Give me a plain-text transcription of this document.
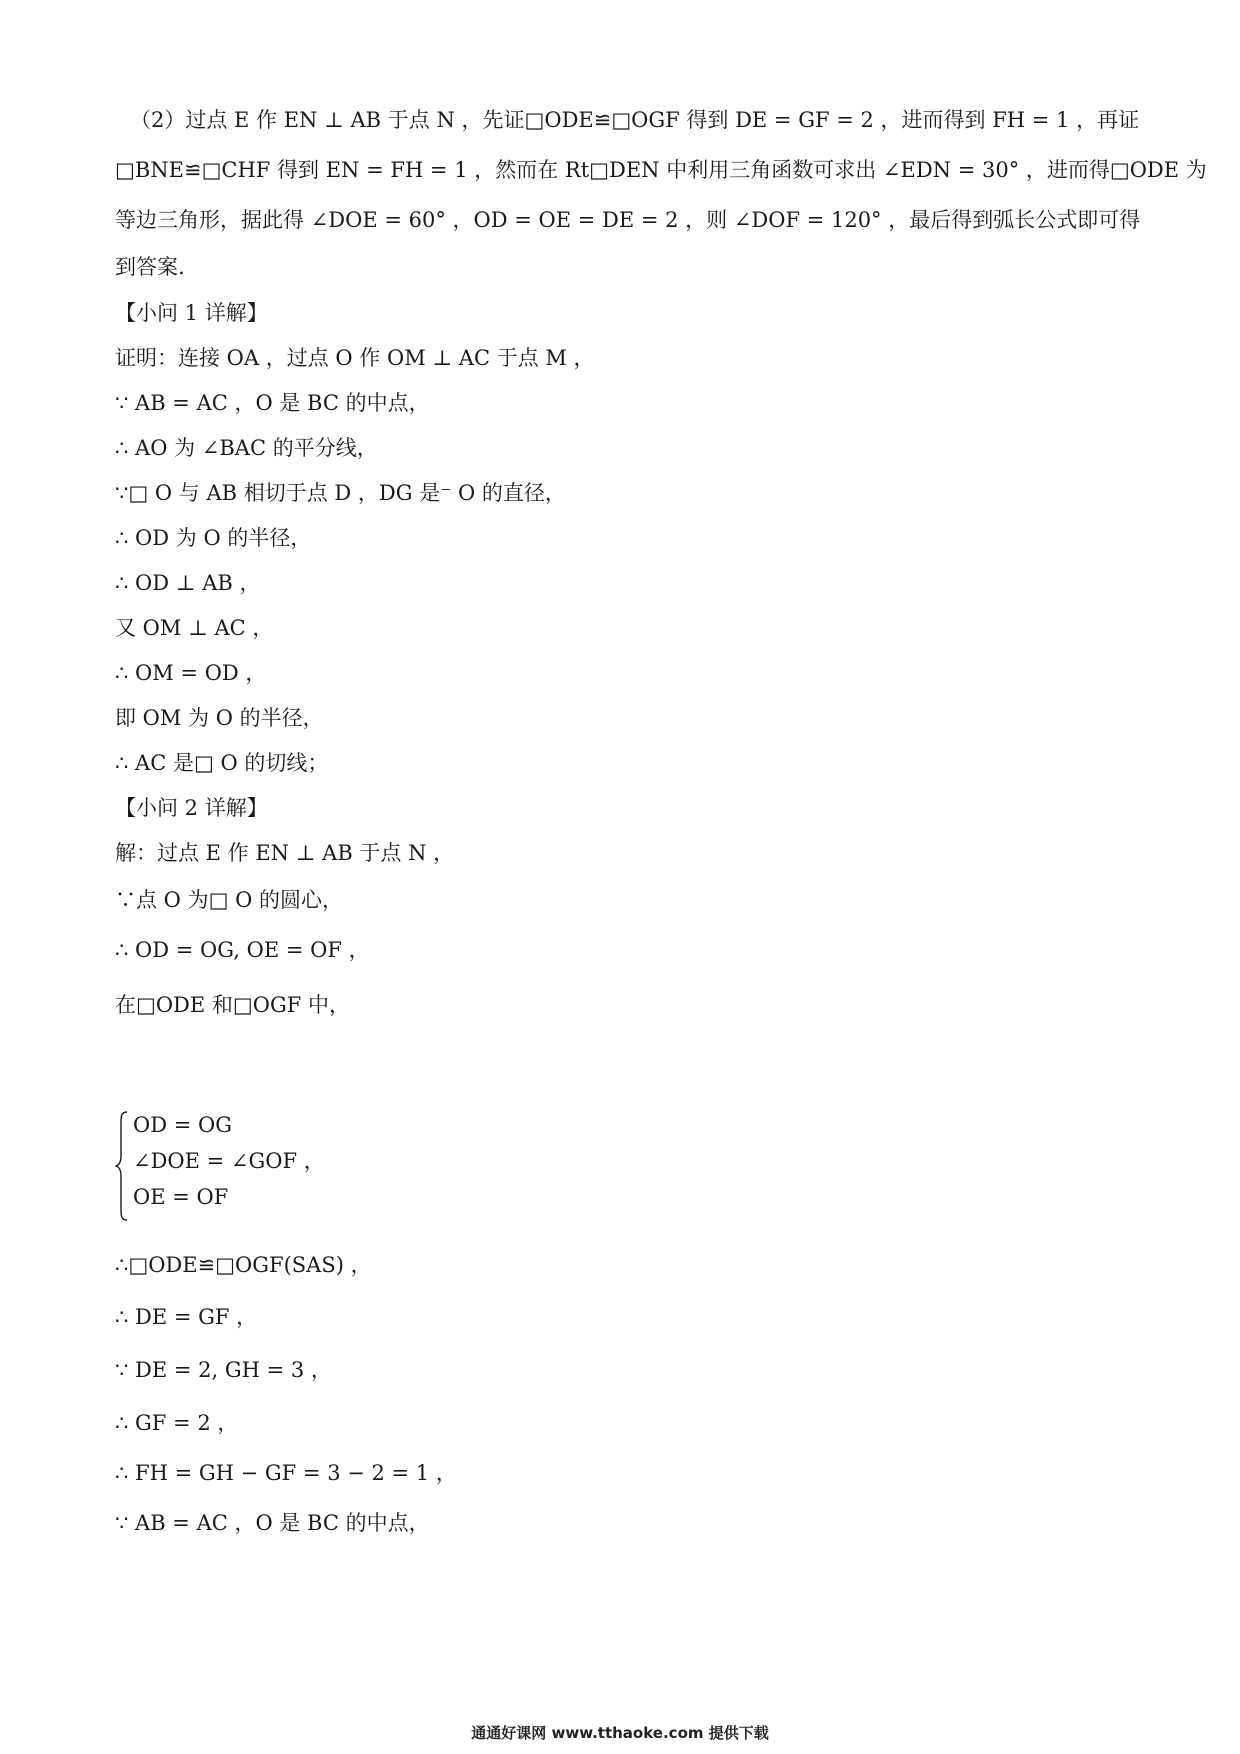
（2）过点 E 作 EN ⊥ AB 于点 N ，先证□ODE≌□OGF 得到 DE = GF = 2 ，进而得到 FH = 1 ，再证
□BNE≌□CHF 得到 EN = FH = 1 ，然而在 Rt□DEN 中利用三角函数可求出 ∠EDN = 30° ，进而得□ODE 为
等边三角形，据此得 ∠DOE = 60° ，OD = OE = DE = 2 ，则 ∠DOF = 120° ，最后得到弧长公式即可得
到答案.
【小问 1 详解】
证明：连接 OA ，过点 O 作 OM ⊥ AC 于点 M ，
∵ AB = AC ，O 是 BC 的中点，
∴ AO 为 ∠BAC 的平分线，
∵□ O 与 AB 相切于点 D ，DG 是⁻ O 的直径，
∴ OD 为 O 的半径，
∴ OD ⊥ AB ，
又 OM ⊥ AC ，
∴ OM = OD ，
即 OM 为 O 的半径，
∴ AC 是□ O 的切线；
【小问 2 详解】
解：过点 E 作 EN ⊥ AB 于点 N ，
∵点 O 为□ O 的圆心，
∴ OD = OG, OE = OF ，
在□ODE 和□OGF 中，
OD = OG
∠DOE = ∠GOF ，
OE = OF
∴□ODE≌□OGF(SAS) ，
∴ DE = GF ，
∵ DE = 2, GH = 3 ，
∴ GF = 2 ，
∴ FH = GH − GF = 3 − 2 = 1 ，
∵ AB = AC ，O 是 BC 的中点，
通通好课网 www.tthaoke.com 提供下载
